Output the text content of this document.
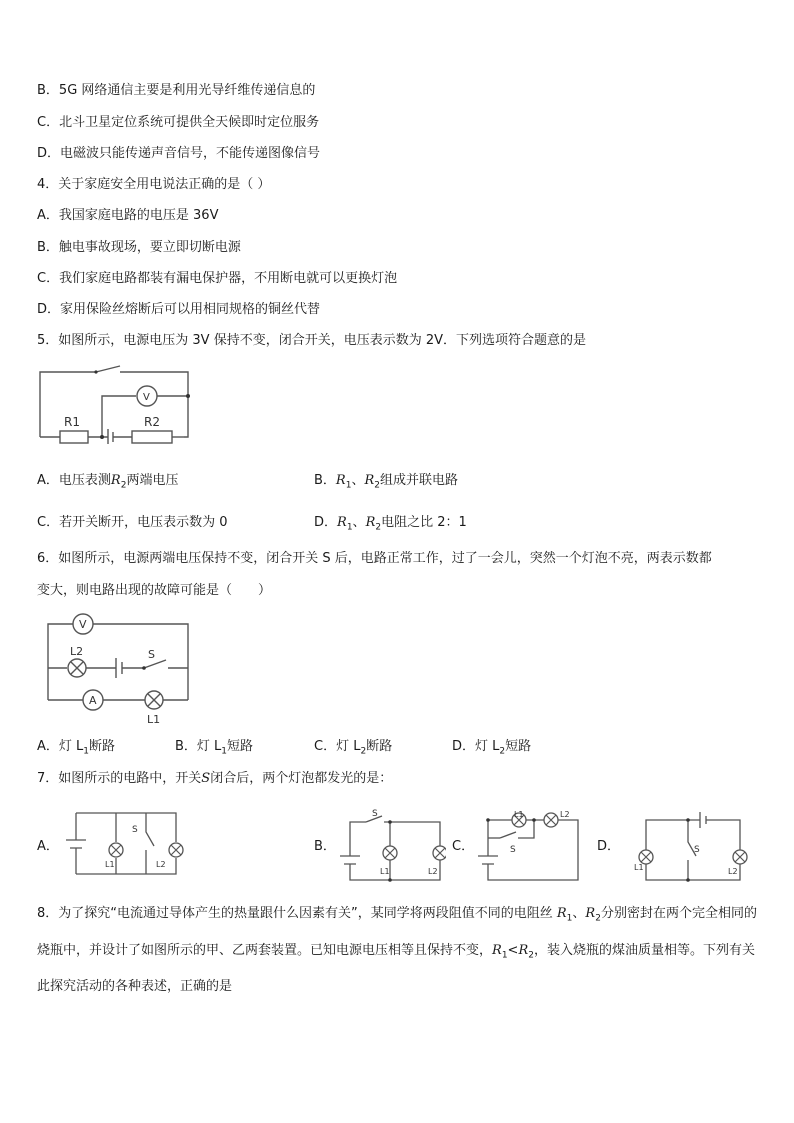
B．5G 网络通信主要是利用光导纤维传递信息的
C．北斗卫星定位系统可提供全天候即时定位服务
D．电磁波只能传递声音信号，不能传递图像信号
4．关于家庭安全用电说法正确的是（ ）
A．我国家庭电路的电压是 36V
B．触电事故现场，要立即切断电源
C．我们家庭电路都装有漏电保护器，不用断电就可以更换灯泡
D．家用保险丝熔断后可以用相同规格的铜丝代替
5．如图所示，电源电压为 3V 保持不变，闭合开关，电压表示数为 2V．下列选项符合题意的是
V
R1	R2
A．电压表测$R_2$两端电压	B．$R_1$、$R_2$组成并联电路
C．若开关断开，电压表示数为 0	D．$R_1$、$R_2$电阻之比 2：1
6．如图所示，电源两端电压保持不变，闭合开关 S 后，电路正常工作，过了一会儿，突然一个灯泡不亮，两表示数都
变大，则电路出现的故障可能是（　　）
V
A
S
L2
L1
A．灯 $L_1$断路	B．灯 $L_1$短路	C．灯 $L_2$断路	D．灯 $L_2$短路
7．如图所示的电路中，开关S闭合后，两个灯泡都发光的是：
A．
S
L1	L2
B．
S
L1	L2
C．	S
L1	L2
D．	S
L1	L2
8．为了探究“电流通过导体产生的热量跟什么因素有关”，某同学将两段阻值不同的电阻丝 $R_1$、$R_2$分别密封在两个完全相同的烧瓶中，并设计了如图所示的甲、乙两套装置。已知电源电压相等且保持不变，$R_1<R_2$，装入烧瓶的煤油质量相等。下列有关此探究活动的各种表述，正确的是
